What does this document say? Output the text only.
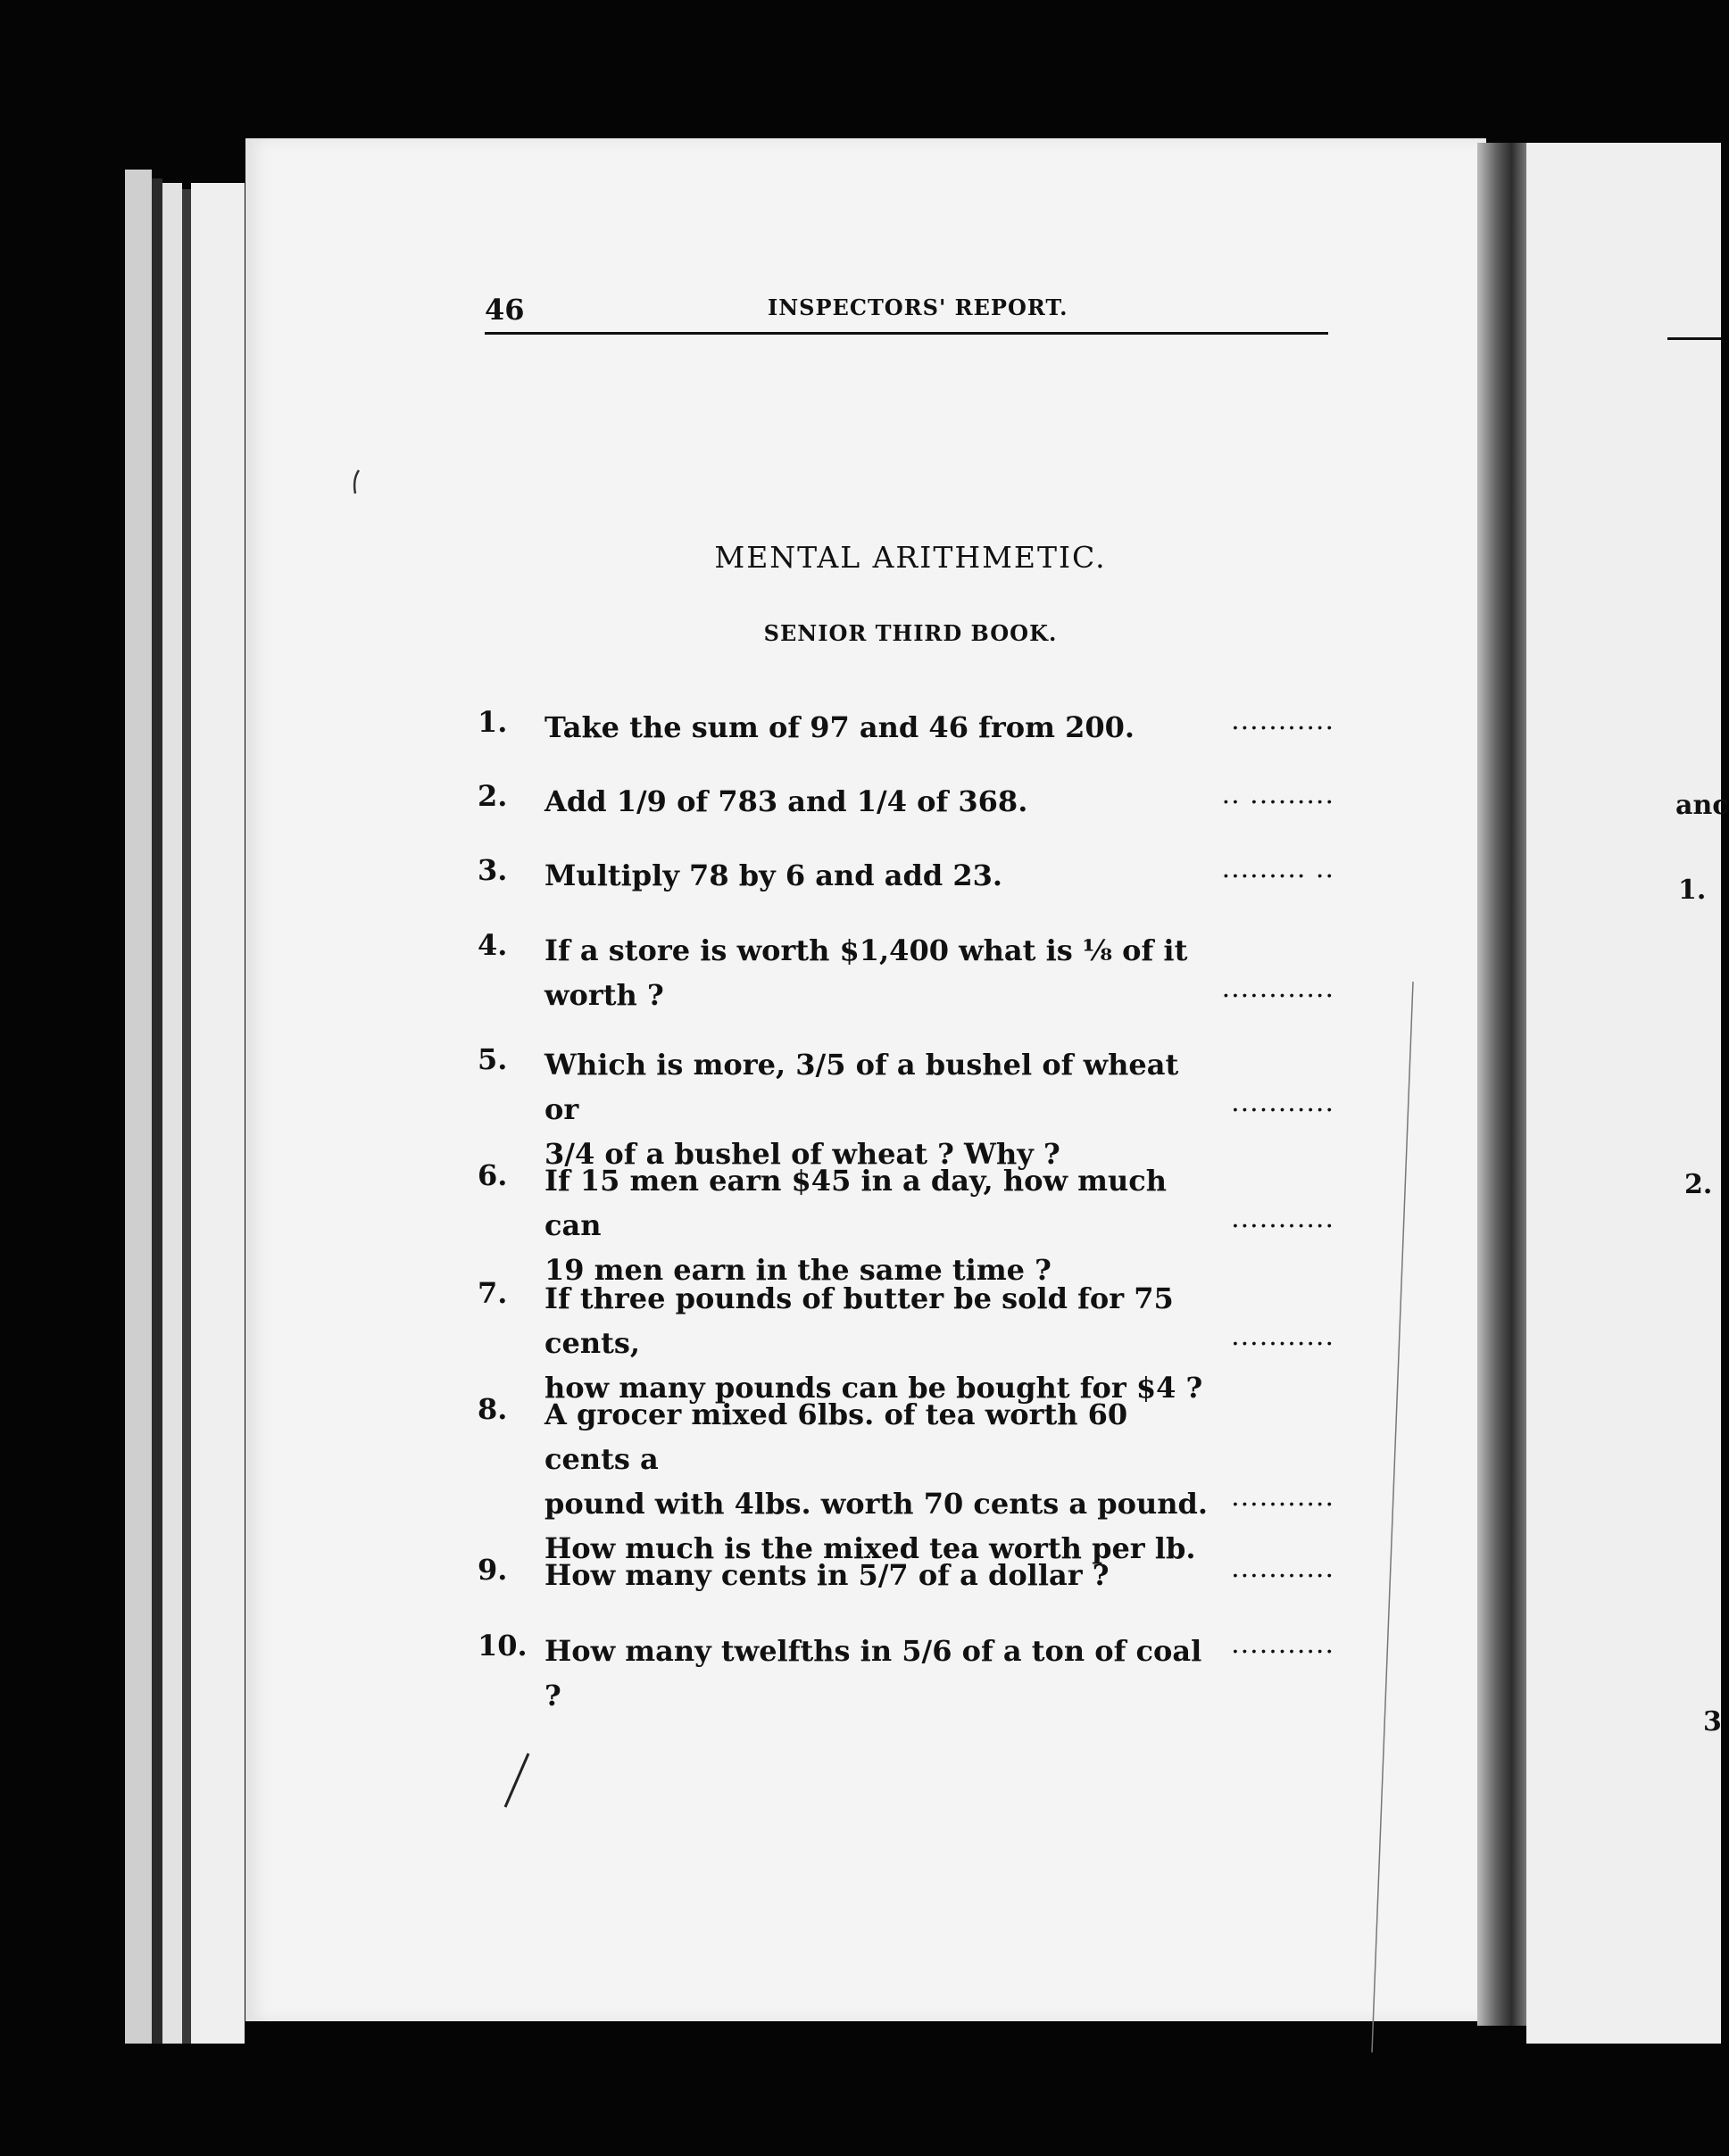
46	INSPECTORS' REPORT.
MENTAL ARITHMETIC.
SENIOR THIRD BOOK.
1. Take the sum of 97 and 46 from 200.	...........
2. Add 1/9 of 783 and 1/4 of 368.	.. .........
3. Multiply 78 by 6 and add 23.	......... ..
4. If a store is worth $1,400 what is ⅛ of it
worth ?	............
5. Which is more, 3/5 of a bushel of wheat or
3/4 of a bushel of wheat ? Why ?
...........
6. If 15 men earn $45 in a day, how much can
19 men earn in the same time ?
...........
7. If three pounds of butter be sold for 75 cents,
how many pounds can be bought for $4 ?
...........
8. A grocer mixed 6lbs. of tea worth 60 cents a
pound with 4lbs. worth 70 cents a pound.
How much is the mixed tea worth per lb.
...........
9. How many cents in 5/7 of a dollar ?	...........
10. How many twelfths in 5/6 of a ton of coal ?
...........
anc
1.
2.
3
